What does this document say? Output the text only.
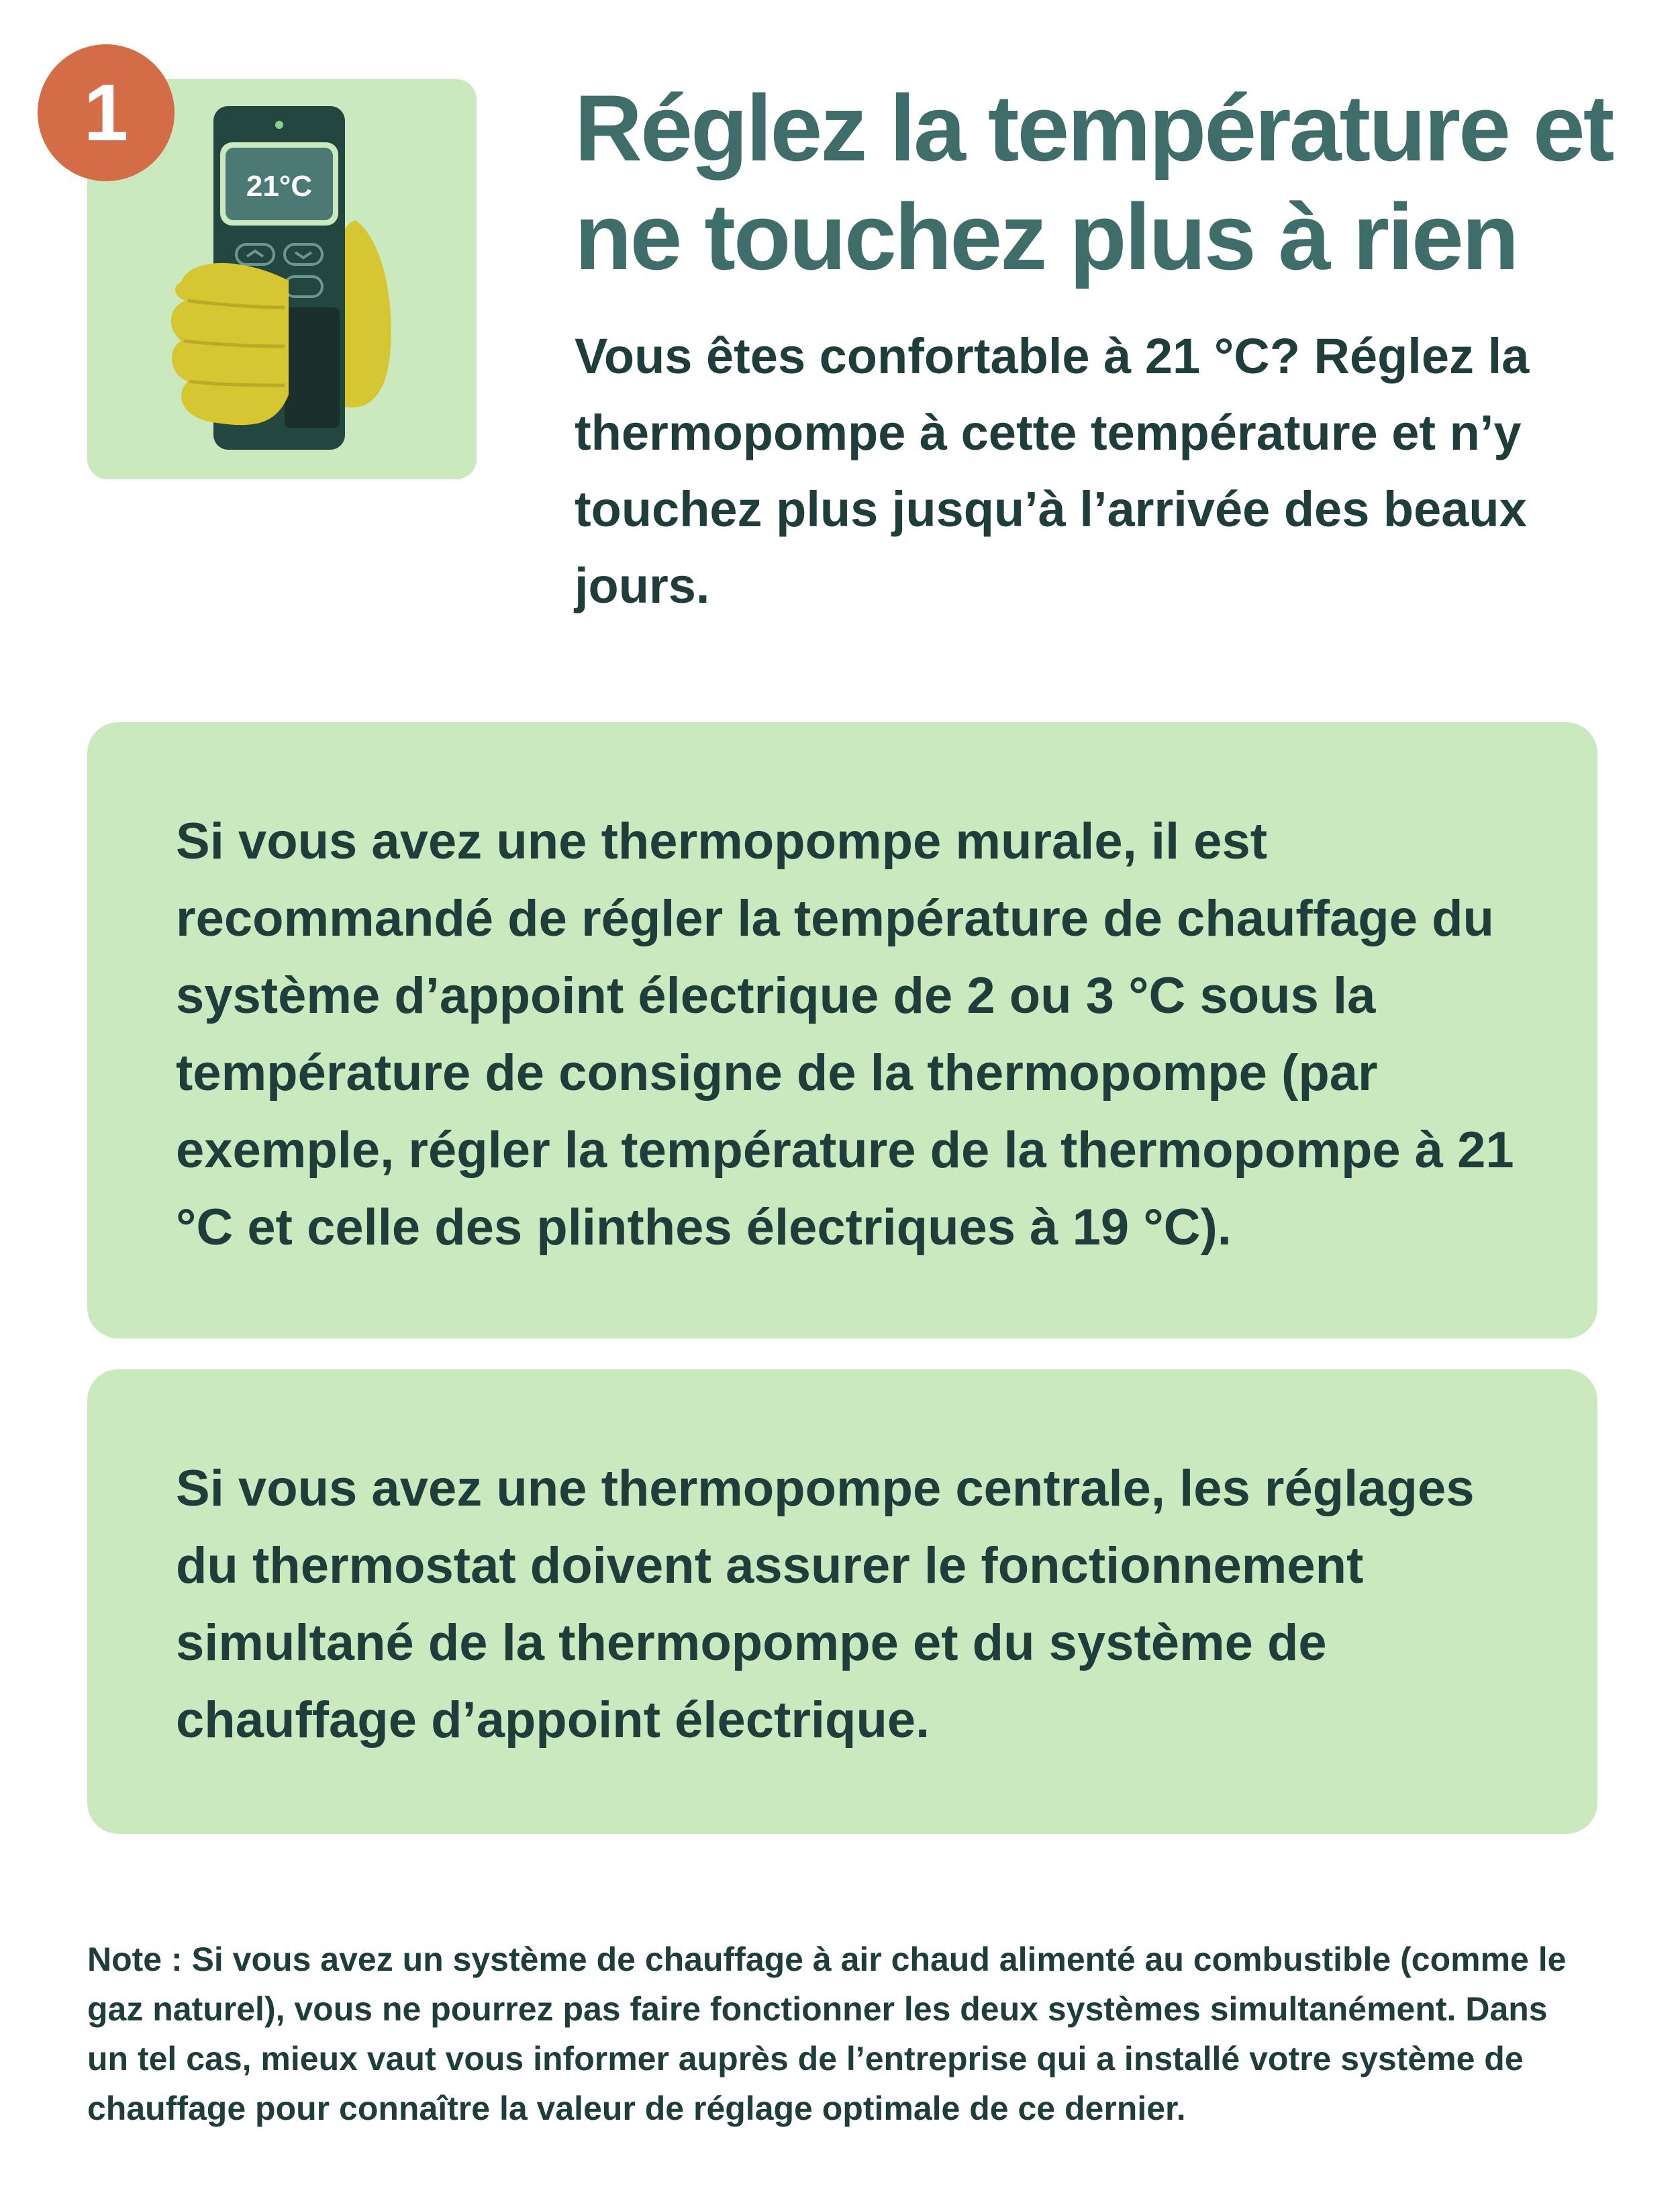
21°C
1	Réglez la température et
ne touchez plus à rien

Vous êtes confortable à 21 °C? Réglez la thermopompe à cette température et n’y touchez plus jusqu’à l’arrivée des beaux jours.

Si vous avez une thermopompe murale, il est recommandé de régler la température de chauffage du système d’appoint électrique de 2 ou 3 °C sous la température de consigne de la thermopompe (par exemple, régler la température de la thermopompe à 21 °C et celle des plinthes électriques à 19 °C).

Si vous avez une thermopompe centrale, les réglages du thermostat doivent assurer le fonctionnement simultané de la thermopompe et du système de chauffage d’appoint électrique.

Note : Si vous avez un système de chauffage à air chaud alimenté au combustible (comme le gaz naturel), vous ne pourrez pas faire fonctionner les deux systèmes simultanément. Dans un tel cas, mieux vaut vous informer auprès de l’entreprise qui a installé votre système de chauffage pour connaître la valeur de réglage optimale de ce dernier.
